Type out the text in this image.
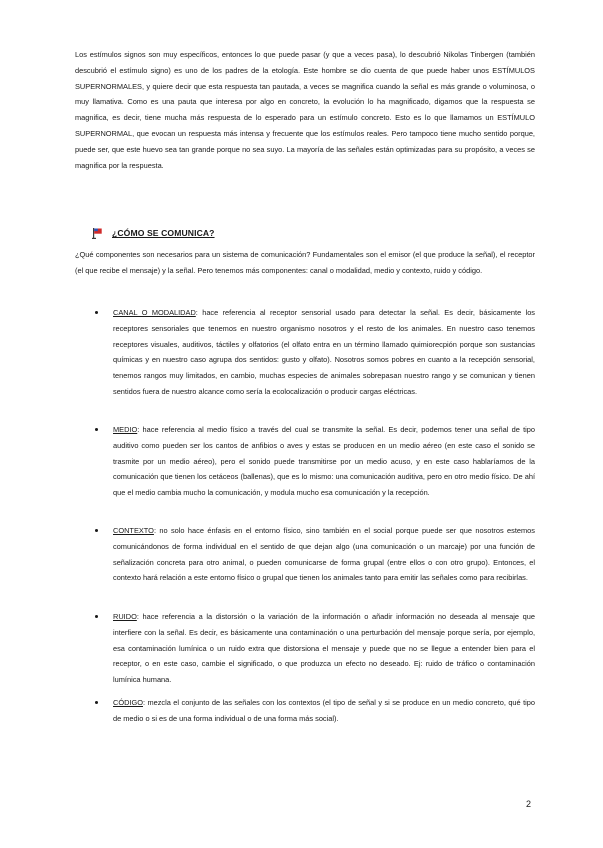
Los estímulos signos son muy específicos, entonces lo que puede pasar (y que a veces pasa), lo descubrió Nikolas Tinbergen (también descubrió el estímulo signo) es uno de los padres de la etología. Este hombre se dio cuenta de que puede haber unos ESTÍMULOS SUPERNORMALES, y quiere decir que esta respuesta tan pautada, a veces se magnifica cuando la señal es más grande o voluminosa, o muy llamativa. Como es una pauta que interesa por algo en concreto, la evolución lo ha magnificado, digamos que la respuesta se magnifica, es decir, tiene mucha más respuesta de lo esperado para un estímulo concreto. Esto es lo que llamamos un ESTÍMULO SUPERNORMAL, que evocan un respuesta más intensa y frecuente que los estímulos reales. Pero tampoco tiene mucho sentido porque, puede ser, que este huevo sea tan grande porque no sea suyo. La mayoría de las señales están optimizadas para su propósito, a veces se magnifica por la respuesta.

¿CÓMO SE COMUNICA?

¿Qué componentes son necesarios para un sistema de comunicación? Fundamentales son el emisor (el que produce la señal), el receptor (el que recibe el mensaje) y la señal. Pero tenemos más componentes: canal o modalidad, medio y contexto, ruido y código.

CANAL O MODALIDAD: hace referencia al receptor sensorial usado para detectar la señal. Es decir, básicamente los receptores sensoriales que tenemos en nuestro organismo nosotros y el resto de los animales. En nuestro caso tenemos receptores visuales, auditivos, táctiles y olfatorios (el olfato entra en un término llamado quimiorecpión porque son sustancias químicas y en nuestro caso agrupa dos sentidos: gusto y olfato). Nosotros somos pobres en cuanto a la recepción sensorial, tenemos rangos muy limitados, en cambio, muchas especies de animales sobrepasan nuestro rango y se comunican y tienen sentidos fuera de nuestro alcance como sería la ecolocalización o producir cargas eléctricas.
MEDIO: hace referencia al medio físico a través del cual se transmite la señal. Es decir, podemos tener una señal de tipo auditivo como pueden ser los cantos de anfibios o aves y estas se producen en un medio aéreo (en este caso el sonido se trasmite por un medio aéreo), pero el sonido puede transmitirse por un medio acuso, y en este caso hablaríamos de la comunicación que tienen los cetáceos (ballenas), que es lo mismo: una comunicación auditiva, pero en otro medio físico. De ahí que el medio cambia mucho la comunicación, y modula mucho esa comunicación y la recepción.
CONTEXTO: no solo hace énfasis en el entorno físico, sino también en el social porque puede ser que nosotros estemos comunicándonos de forma individual en el sentido de que dejan algo (una comunicación o un marcaje) por una función de señalización concreta para otro animal, o pueden comunicarse de forma grupal (entre ellos o con otro grupo). Entonces, el contexto hará relación a este entorno físico o grupal que tienen los animales tanto para emitir las señales como para recibirlas.
RUIDO: hace referencia a la distorsión o la variación de la información o añadir información no deseada al mensaje que interfiere con la señal. Es decir, es básicamente una contaminación o una perturbación del mensaje porque sería, por ejemplo, esa contaminación lumínica o un ruido extra que distorsiona el mensaje y puede que no se llegue a entender bien para el receptor, o en este caso, cambie el significado, o que produzca un efecto no deseado. Ej: ruido de tráfico o contaminación lumínica humana.
CÓDIGO: mezcla el conjunto de las señales con los contextos (el tipo de señal y si se produce en un medio concreto, qué tipo de medio o si es de una forma individual o de una forma más social).
2
